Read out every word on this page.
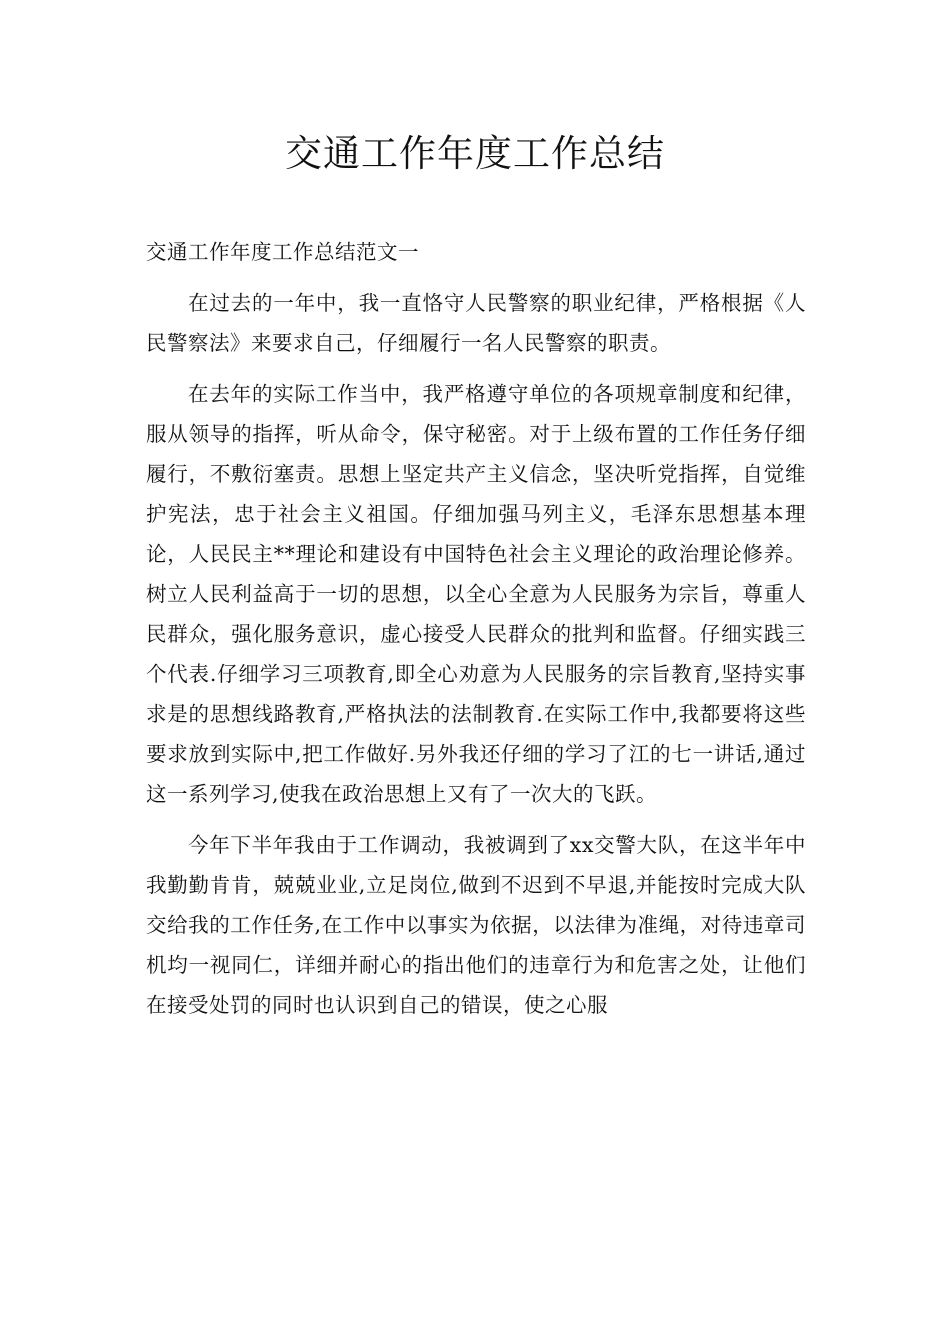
交通工作年度工作总结

交通工作年度工作总结范文一

在过去的一年中，我一直恪守人民警察的职业纪律，严格根据《人民警察法》来要求自己，仔细履行一名人民警察的职责。

在去年的实际工作当中，我严格遵守单位的各项规章制度和纪律，服从领导的指挥，听从命令，保守秘密。对于上级布置的工作任务仔细履行，不敷衍塞责。思想上坚定共产主义信念，坚决听党指挥，自觉维护宪法，忠于社会主义祖国。仔细加强马列主义，毛泽东思想基本理论，人民民主**理论和建设有中国特色社会主义理论的政治理论修养。树立人民利益高于一切的思想，以全心全意为人民服务为宗旨，尊重人民群众，强化服务意识，虚心接受人民群众的批判和监督。仔细实践三个代表.仔细学习三项教育,即全心劝意为人民服务的宗旨教育,坚持实事求是的思想线路教育,严格执法的法制教育.在实际工作中,我都要将这些要求放到实际中,把工作做好.另外我还仔细的学习了江的七一讲话,通过这一系列学习,使我在政治思想上又有了一次大的飞跃。

今年下半年我由于工作调动，我被调到了xx交警大队，在这半年中我勤勤肯肯，兢兢业业,立足岗位,做到不迟到不早退,并能按时完成大队交给我的工作任务,在工作中以事实为依据，以法律为准绳，对待违章司机均一视同仁，详细并耐心的指出他们的违章行为和危害之处，让他们在接受处罚的同时也认识到自己的错误，使之心服
